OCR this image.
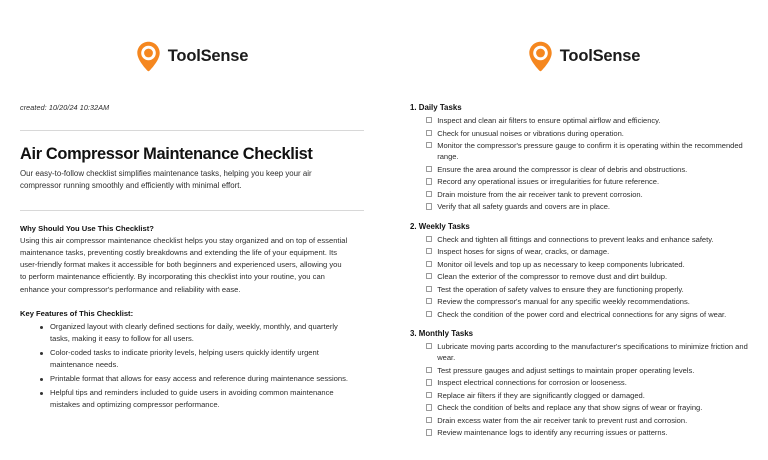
ToolSense
created: 10/20/24 10:32AM
Air Compressor Maintenance Checklist

Our easy-to-follow checklist simplifies maintenance tasks, helping you keep your air compressor running smoothly and efficiently with minimal effort.

Why Should You Use This Checklist?

Using this air compressor maintenance checklist helps you stay organized and on top of essential maintenance tasks, preventing costly breakdowns and extending the life of your equipment. Its user-friendly format makes it accessible for both beginners and experienced users, allowing you to perform maintenance efficiently. By incorporating this checklist into your routine, you can enhance your compressor's performance and reliability with ease.

Key Features of This Checklist:
Organized layout with clearly defined sections for daily, weekly, monthly, and quarterly tasks, making it easy to follow for all users.
Color-coded tasks to indicate priority levels, helping users quickly identify urgent maintenance needs.
Printable format that allows for easy access and reference during maintenance sessions.
Helpful tips and reminders included to guide users in avoiding common maintenance mistakes and optimizing compressor performance.
ToolSense
1. Daily Tasks
Inspect and clean air filters to ensure optimal airflow and efficiency.
Check for unusual noises or vibrations during operation.
Monitor the compressor's pressure gauge to confirm it is operating within the recommended range.
Ensure the area around the compressor is clear of debris and obstructions.
Record any operational issues or irregularities for future reference.
Drain moisture from the air receiver tank to prevent corrosion.
Verify that all safety guards and covers are in place.
2. Weekly Tasks
Check and tighten all fittings and connections to prevent leaks and enhance safety.
Inspect hoses for signs of wear, cracks, or damage.
Monitor oil levels and top up as necessary to keep components lubricated.
Clean the exterior of the compressor to remove dust and dirt buildup.
Test the operation of safety valves to ensure they are functioning properly.
Review the compressor's manual for any specific weekly recommendations.
Check the condition of the power cord and electrical connections for any signs of wear.
3. Monthly Tasks
Lubricate moving parts according to the manufacturer's specifications to minimize friction and wear.
Test pressure gauges and adjust settings to maintain proper operating levels.
Inspect electrical connections for corrosion or looseness.
Replace air filters if they are significantly clogged or damaged.
Check the condition of belts and replace any that show signs of wear or fraying.
Drain excess water from the air receiver tank to prevent rust and corrosion.
Review maintenance logs to identify any recurring issues or patterns.
